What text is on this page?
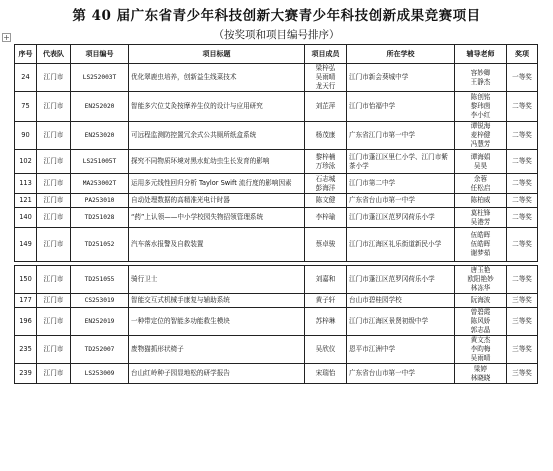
第 40 届广东省青少年科技创新大赛青少年科技创新成果竞赛项目
（按奖项和项目编号排序）
+
序号	代表队	项目编号	项目标题	项目成员	所在学校	辅导老师	奖项
24	江门市	LS252003T	优化翠鹿虫培养，创新益生线菜技术	梁梓弘
吴雨晴
龙天行	江门市新会葵城中学	容妙卿
王静杰	一等奖
75	江门市	EN252020	智能多穴位艾灸按摩养生仪的设计与应用研究	刘芷萍	江门市怡福中学	陈创铭
黎玮茵
李小红	二等奖
90	江门市	EN253020	可远程监测防控置冗余式公共厕所纸盒系统	杨茂康	广东省江门市第一中学	谭锐海
麦梓健
冯慧芳	二等奖
102	江门市	LS251005T	探究不同物质环境对黑水虻幼虫生长发育的影响	黎梓楠
万珍泳	江门市蓬江区里仁小学、江门市紫茶小学	谭海娟
吴昊	二等奖
113	江门市	MA253002T	运用多元线性回归分析 Taylor Swift 流行度的影响因素	石志城
彭海洋	江门市第二中学	余蓉
任松启	二等奖
121	江门市	PA253010	自动处理数据的高精准光电计时器	陈文健	广东省台山市第一中学	陈柏威	二等奖
140	江门市	TD251028	“药”上认领——中小学校园失物招领管理系统	李梓瑜	江门市蓬江区范罗冈荷乐小学	莫柱锋
吴港芳	二等奖
149	江门市	TD251052	汽车落水报警及自救装置	蔡卓骏	江门市江海区礼乐街道新民小学	伍皓晖
伍皓晖
谢梦茹	二等奖

150	江门市	TD251055	骑行卫士	刘嘉和	江门市蓬江区范罗冈荷乐小学	唐玉艳
欧阳艳妙
林冻华	二等奖
177	江门市	CS253019	智能交互式机械手康复与辅助系统	黄子轩	台山市碧桂园学校	阮海波	三等奖
196	江门市	EN252019	一种带定位的智能多功能救生模块	苏梓琳	江门市江海区景贤初级中学	曾碧霞
陈风娇
郭志晶	三等奖
235	江门市	TD252007	废物猫抓形状椅子	吴欣仪	恩平市江洲中学	黄文杰
李昀梅
吴雨晴	三等奖
239	江门市	LS253009	台山红岭种子园显地松的研学报告	宋瑞怡	广东省台山市第一中学	梁婷
林晓晓	三等奖
